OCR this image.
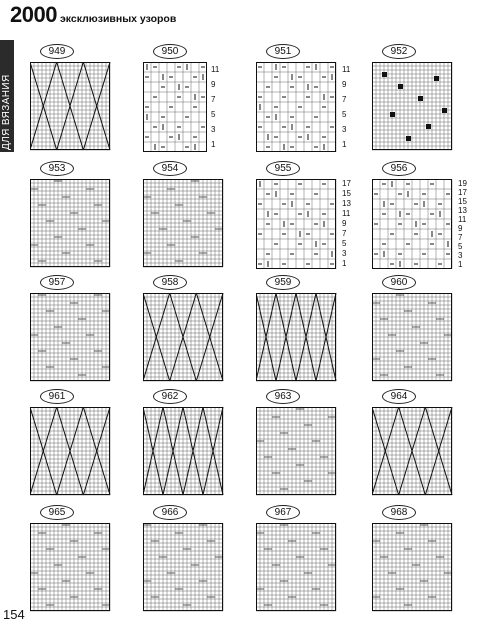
2000 эксклюзивных узоров
ДЛЯ ВЯЗАНИЯ
949	950
11
9
7
5
3
1
951
11
9
7
5
3
1
952
953	954	955
17
15
13
11
9
7
5
3
1
956
19
17
15
13
11
9
7
5
3
1
957	958	959	960
961	962	963	964
965	966	967	968
154
